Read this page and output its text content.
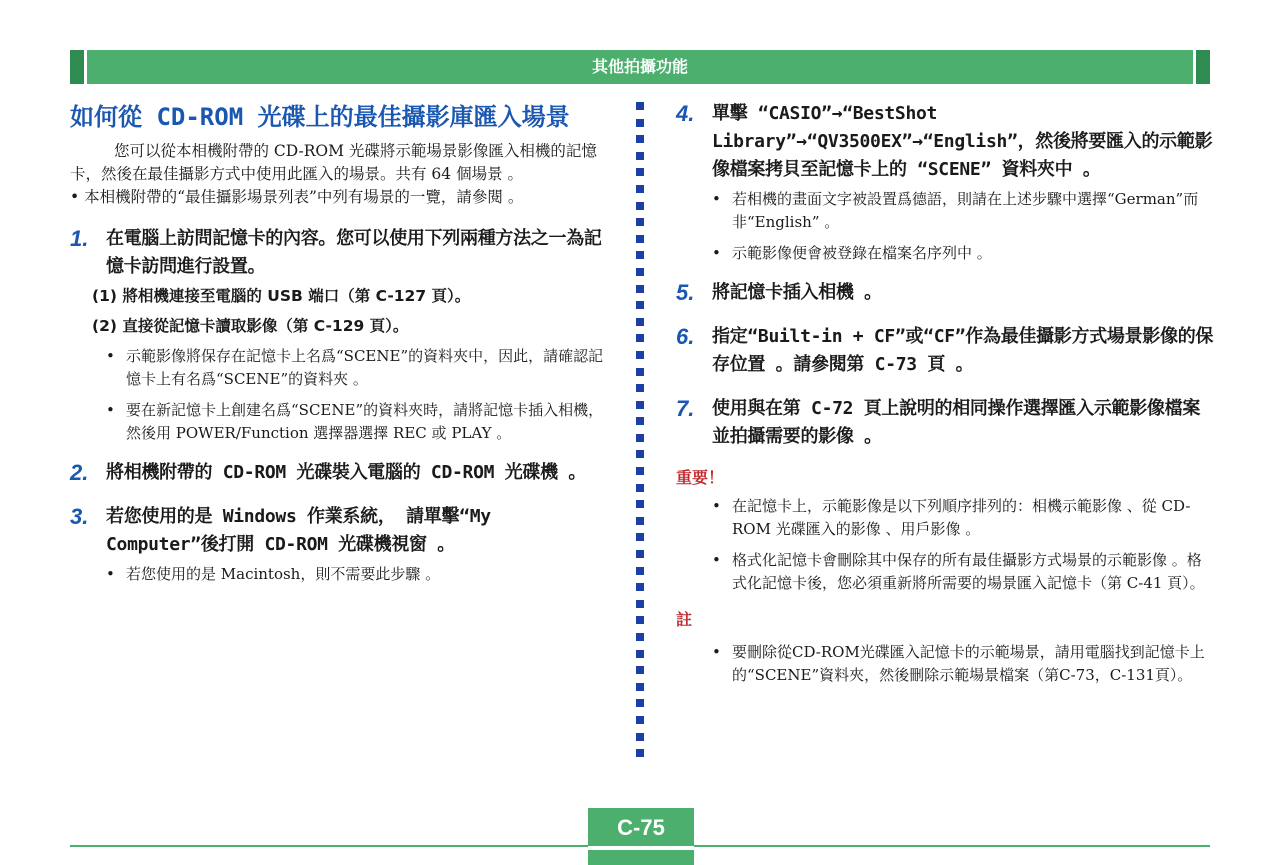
其他拍攝功能
如何從 CD-ROM 光碟上的最佳攝影庫匯入場景

您可以從本相機附帶的 CD-ROM 光碟將示範場景影像匯入相機的記憶卡，然後在最佳攝影方式中使用此匯入的場景。共有 64 個場景 。

• 本相機附帶的“最佳攝影場景列表”中列有場景的一覽，請參閱 。

1. 在電腦上訪問記憶卡的內容。您可以使用下列兩種方法之一為記憶卡訪問進行設置。
(1) 將相機連接至電腦的 USB 端口（第 C-127 頁）。
(2) 直接從記憶卡讀取影像（第 C-129 頁）。
• 示範影像將保存在記憶卡上名爲“SCENE”的資料夾中，因此，請確認記憶卡上有名爲“SCENE”的資料夾 。
• 要在新記憶卡上創建名爲“SCENE”的資料夾時，請將記憶卡插入相機，然後用 POWER/Function 選擇器選擇 REC 或 PLAY 。
2. 將相機附帶的 CD-ROM 光碟裝入電腦的 CD-ROM 光碟機 。
3. 若您使用的是 Windows 作業系統， 請單擊“My Computer”後打開 CD-ROM 光碟機視窗 。
• 若您使用的是 Macintosh，則不需要此步驟 。
4. 單擊 “CASIO”→“BestShot Library”→“QV3500EX”→“English”，然後將要匯入的示範影像檔案拷貝至記憶卡上的 “SCENE” 資料夾中 。
• 若相機的畫面文字被設置爲德語，則請在上述步驟中選擇“German”而非“English” 。
• 示範影像便會被登錄在檔案名序列中 。
5. 將記憶卡插入相機 。
6. 指定“Built-in + CF”或“CF”作為最佳攝影方式場景影像的保存位置 。請參閱第 C-73 頁 。
7. 使用與在第 C-72 頁上說明的相同操作選擇匯入示範影像檔案並拍攝需要的影像 。
重要！
• 在記憶卡上，示範影像是以下列順序排列的：相機示範影像 、從 CD-ROM 光碟匯入的影像 、用戶影像 。
• 格式化記憶卡會刪除其中保存的所有最佳攝影方式場景的示範影像 。格式化記憶卡後，您必須重新將所需要的場景匯入記憶卡（第 C-41 頁）。
註
• 要刪除從CD-ROM光碟匯入記憶卡的示範場景，請用電腦找到記憶卡上的“SCENE”資料夾，然後刪除示範場景檔案（第C-73，C-131頁）。
C-75
